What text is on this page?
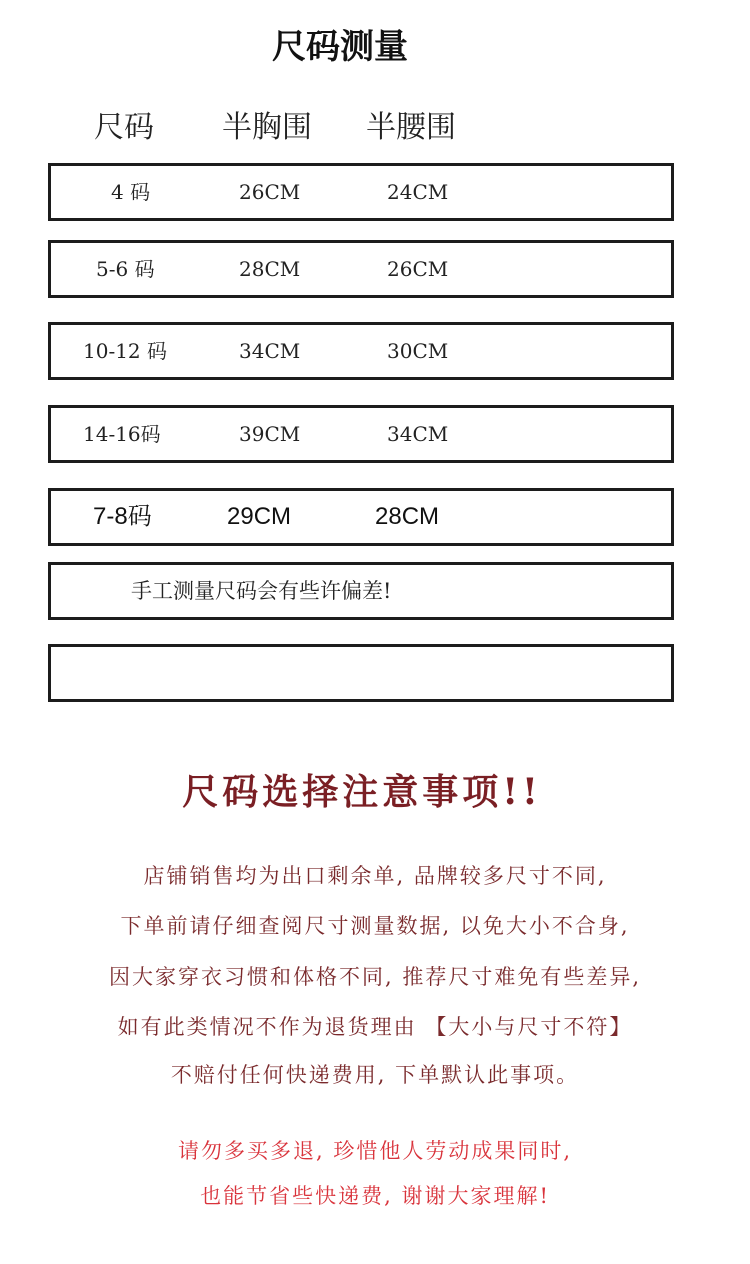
尺码测量
尺码 半胸围 半腰围
4 码	26CM	24CM
5-6 码	28CM	26CM
10-12 码	34CM	30CM
14-16码	39CM	34CM
7-8码	29CM	28CM
手工测量尺码会有些许偏差!
尺码选择注意事项!!
店铺销售均为出口剩余单, 品牌较多尺寸不同,
下单前请仔细查阅尺寸测量数据, 以免大小不合身,
因大家穿衣习惯和体格不同, 推荐尺寸难免有些差异,
如有此类情况不作为退货理由 【大小与尺寸不符】
不赔付任何快递费用, 下单默认此事项。
请勿多买多退, 珍惜他人劳动成果同时,
也能节省些快递费, 谢谢大家理解!
